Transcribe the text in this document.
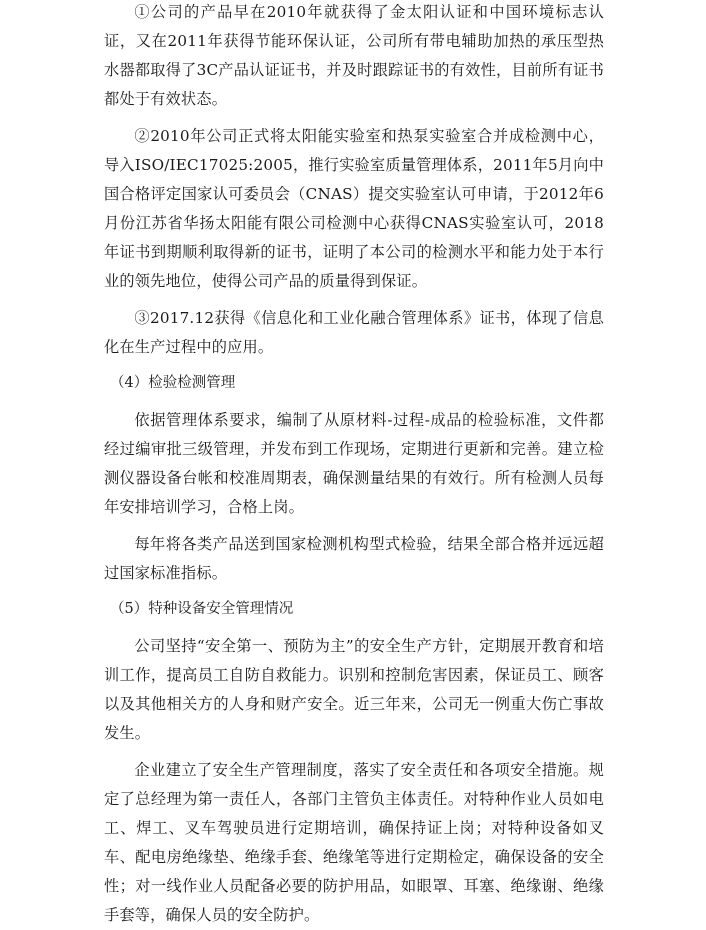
①公司的产品早在2010年就获得了金太阳认证和中国环境标志认证，又在2011年获得节能环保认证，公司所有带电辅助加热的承压型热水器都取得了3C产品认证证书，并及时跟踪证书的有效性，目前所有证书都处于有效状态。

②2010年公司正式将太阳能实验室和热泵实验室合并成检测中心，导入ISO/IEC17025:2005，推行实验室质量管理体系，2011年5月向中国合格评定国家认可委员会（CNAS）提交实验室认可申请，于2012年6月份江苏省华扬太阳能有限公司检测中心获得CNAS实验室认可，2018年证书到期顺利取得新的证书，证明了本公司的检测水平和能力处于本行业的领先地位，使得公司产品的质量得到保证。

③2017.12获得《信息化和工业化融合管理体系》证书，体现了信息化在生产过程中的应用。

（4）检验检测管理

依据管理体系要求，编制了从原材料-过程-成品的检验标准，文件都经过编审批三级管理，并发布到工作现场，定期进行更新和完善。建立检测仪器设备台帐和校准周期表，确保测量结果的有效行。所有检测人员每年安排培训学习，合格上岗。

每年将各类产品送到国家检测机构型式检验，结果全部合格并远远超过国家标准指标。

（5）特种设备安全管理情况

公司坚持“安全第一、预防为主”的安全生产方针，定期展开教育和培训工作，提高员工自防自救能力。识别和控制危害因素，保证员工、顾客以及其他相关方的人身和财产安全。近三年来，公司无一例重大伤亡事故发生。

企业建立了安全生产管理制度，落实了安全责任和各项安全措施。规定了总经理为第一责任人，各部门主管负主体责任。对特种作业人员如电工、焊工、叉车驾驶员进行定期培训，确保持证上岗；对特种设备如叉车、配电房绝缘垫、绝缘手套、绝缘笔等进行定期检定，确保设备的安全性；对一线作业人员配备必要的防护用品，如眼罩、耳塞、绝缘谢、绝缘手套等，确保人员的安全防护。
